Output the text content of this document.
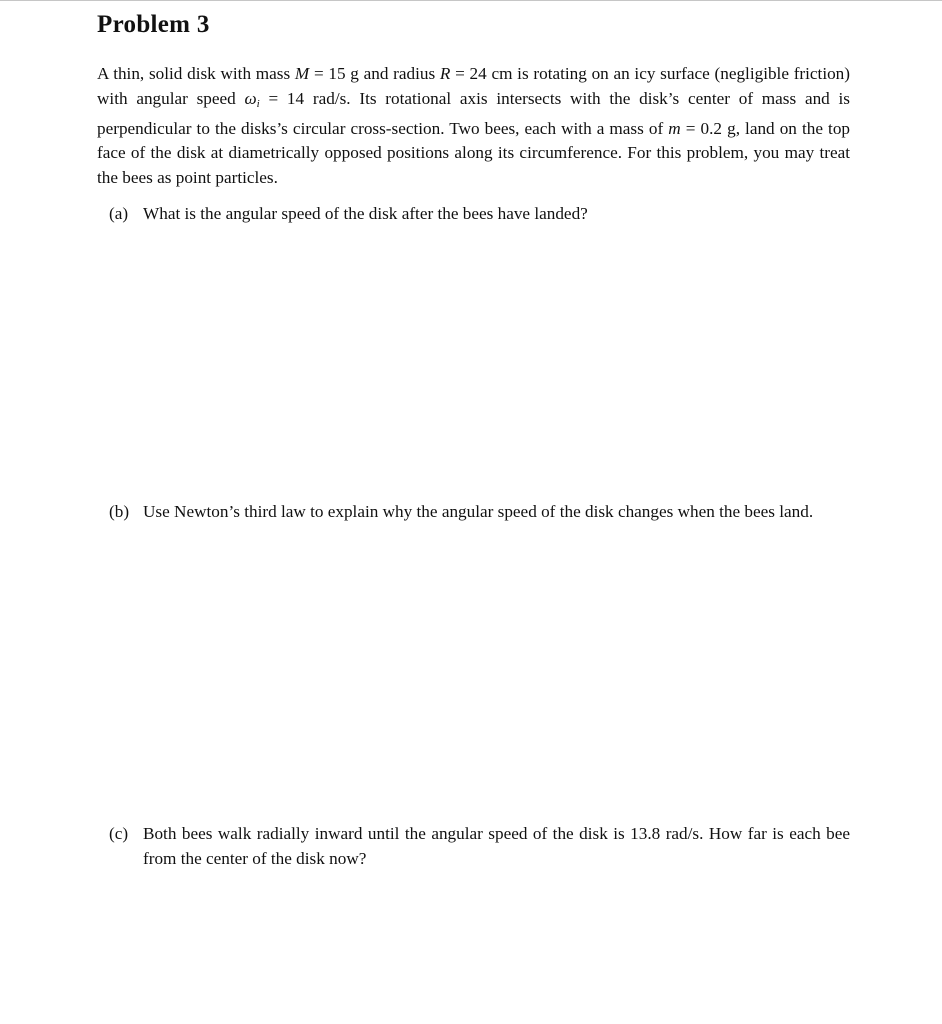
Problem 3

A thin, solid disk with mass M = 15 g and radius R = 24 cm is rotating on an icy surface (negligible friction) with angular speed $\omega_i = 14$ rad/s. Its rotational axis intersects with the disk’s center of mass and is perpendicular to the disks’s circular cross-section. Two bees, each with a mass of m = 0.2 g, land on the top face of the disk at diametrically opposed positions along its circumference. For this problem, you may treat the bees as point particles.

(a) What is the angular speed of the disk after the bees have landed?
(b) Use Newton’s third law to explain why the angular speed of the disk changes when the bees land.
(c) Both bees walk radially inward until the angular speed of the disk is 13.8 rad/s. How far is each bee from the center of the disk now?
